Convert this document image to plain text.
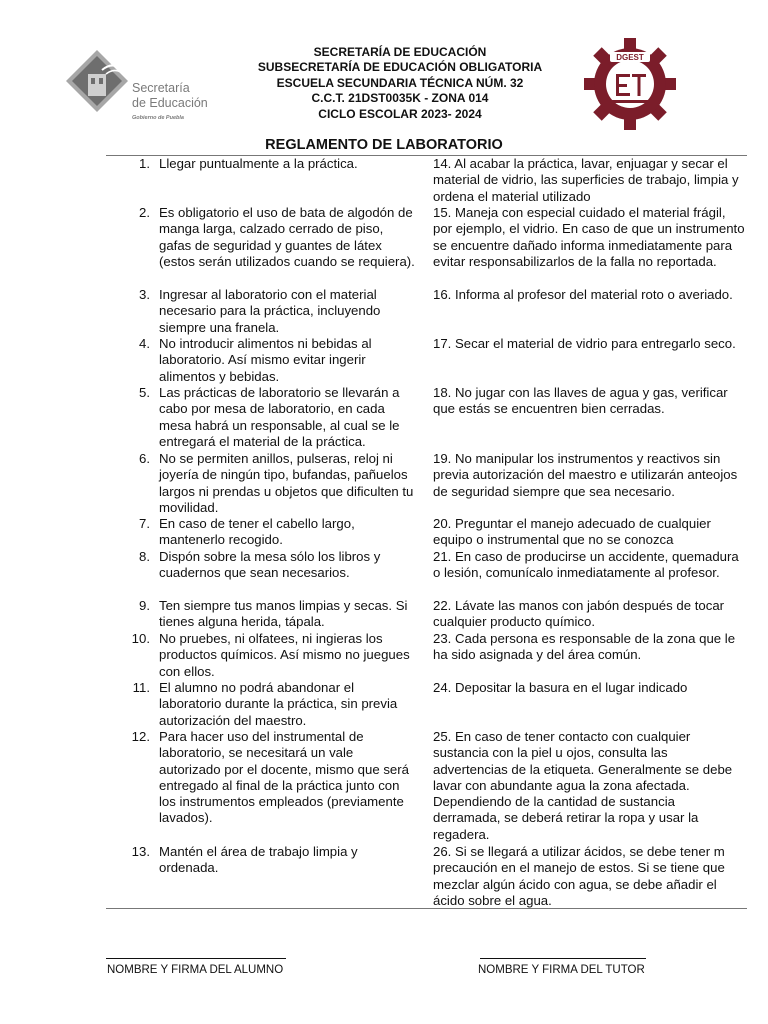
Secretaría
de Educación
Gobierno de Puebla
SECRETARÍA DE EDUCACIÓN
SUBSECRETARÍA DE EDUCACIÓN OBLIGATORIA
ESCUELA SECUNDARIA TÉCNICA NÚM. 32
C.C.T. 21DST0035K - ZONA 014
CICLO ESCOLAR 2023- 2024
DGEST
REGLAMENTO DE LABORATORIO
1. Llegar puntualmente a la práctica.
2. Es obligatorio el uso de bata de algodón de manga larga, calzado cerrado de piso, gafas de seguridad y guantes de látex (estos serán utilizados cuando se requiera).
3. Ingresar al laboratorio con el material necesario para la práctica, incluyendo siempre una franela.
4. No introducir alimentos ni bebidas al laboratorio. Así mismo evitar ingerir alimentos y bebidas.
5. Las prácticas de laboratorio se llevarán a cabo por mesa de laboratorio, en cada mesa habrá un responsable, al cual se le entregará el material de la práctica.
6. No se permiten anillos, pulseras, reloj ni joyería de ningún tipo, bufandas, pañuelos largos ni prendas u objetos que dificulten tu movilidad.
7. En caso de tener el cabello largo, mantenerlo recogido.
8. Dispón sobre la mesa sólo los libros y cuadernos que sean necesarios.
9. Ten siempre tus manos limpias y secas. Si tienes alguna herida, tápala.
10. No pruebes, ni olfatees, ni ingieras los productos químicos. Así mismo no juegues con ellos.
11. El alumno no podrá abandonar el laboratorio durante la práctica, sin previa autorización del maestro.
12. Para hacer uso del instrumental de laboratorio, se necesitará un vale autorizado por el docente, mismo que será entregado al final de la práctica junto con los instrumentos empleados (previamente lavados).
13. Mantén el área de trabajo limpia y ordenada.
14. Al acabar la práctica, lavar, enjuagar y secar el material de vidrio, las superficies de trabajo, limpia y ordena el material utilizado
15. Maneja con especial cuidado el material frágil, por ejemplo, el vidrio. En caso de que un instrumento se encuentre dañado informa inmediatamente para evitar responsabilizarlos de la falla no reportada.
16. Informa al profesor del material roto o averiado.
17. Secar el material de vidrio para entregarlo seco.
18. No jugar con las llaves de agua y gas, verificar que estás se encuentren bien cerradas.
19. No manipular los instrumentos y reactivos sin previa autorización del maestro e utilizarán anteojos de seguridad siempre que sea necesario.
20. Preguntar el manejo adecuado de cualquier equipo o instrumental que no se conozca
21. En caso de producirse un accidente, quemadura o lesión, comunícalo inmediatamente al profesor.
22. Lávate las manos con jabón después de tocar cualquier producto químico.
23. Cada persona es responsable de la zona que le ha sido asignada y del área común.
24. Depositar la basura en el lugar indicado
25. En caso de tener contacto con cualquier sustancia con la piel u ojos, consulta las advertencias de la etiqueta. Generalmente se debe lavar con abundante agua la zona afectada. Dependiendo de la cantidad de sustancia derramada, se deberá retirar la ropa y usar la regadera.
26. Si se llegará a utilizar ácidos, se debe tener m precaución en el manejo de estos. Si se tiene que mezclar algún ácido con agua, se debe añadir el ácido sobre el agua.
NOMBRE Y FIRMA DEL ALUMNO	NOMBRE Y FIRMA DEL TUTOR
